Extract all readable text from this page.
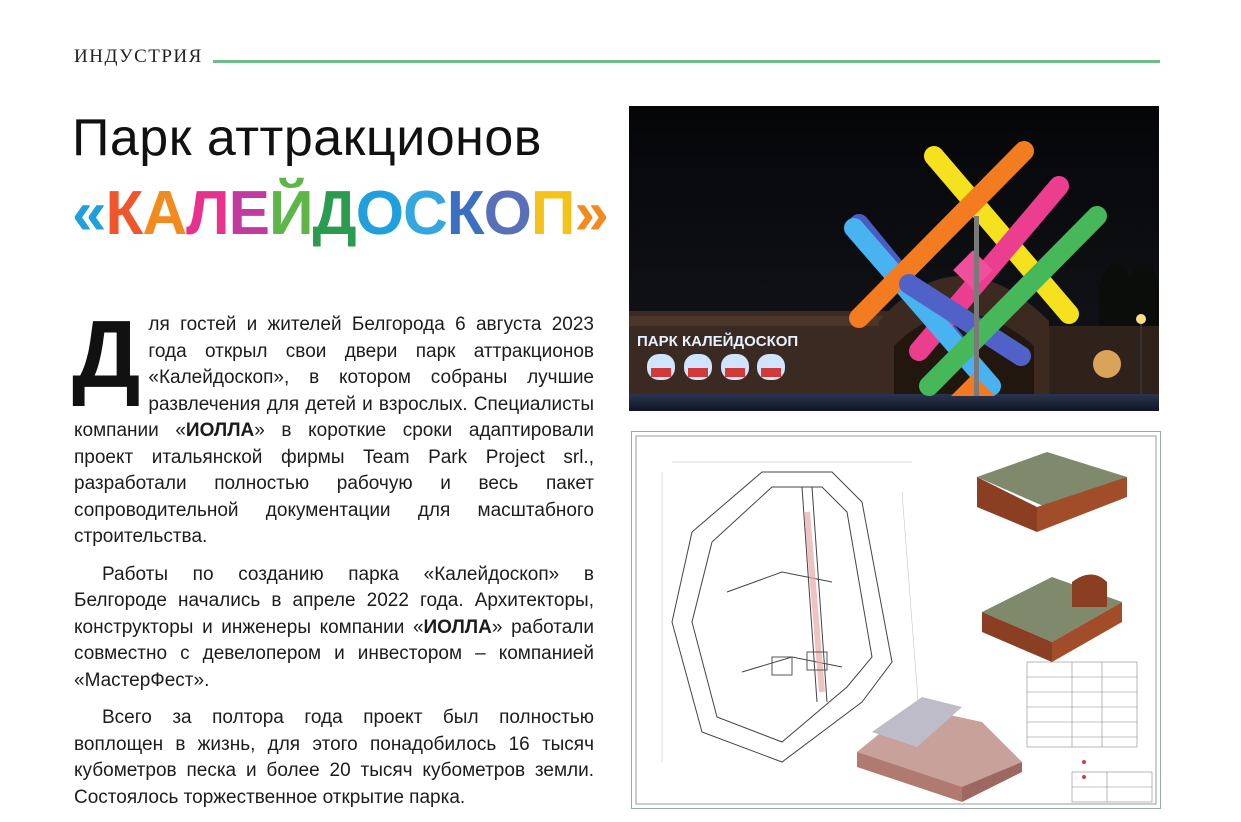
ИНДУСТРИЯ
Парк аттракционов
«КАЛЕЙДОСКОП»

Для гостей и жителей Белгорода 6 августа 2023 года открыл свои двери парк аттракционов «Калейдоскоп», в котором собраны лучшие развлечения для детей и взрослых. Специалисты компании «ИОЛЛА» в короткие сроки адаптировали проект итальянской фирмы Team Park Project srl., разработали полностью рабочую и весь пакет сопроводительной документации для масштабного строительства.

Работы по созданию парка «Калейдоскоп» в Белгороде начались в апреле 2022 года. Архитекторы, конструкторы и инженеры компании «ИОЛЛА» работали совместно с девелопером и инвестором – компанией «МастерФест».

Всего за полтора года проект был полностью воплощен в жизнь, для этого понадобилось 16 тысяч кубометров песка и более 20 тысяч кубометров земли. Состоялось торжественное открытие парка.

ПАРК КАЛЕЙДОСКОП
